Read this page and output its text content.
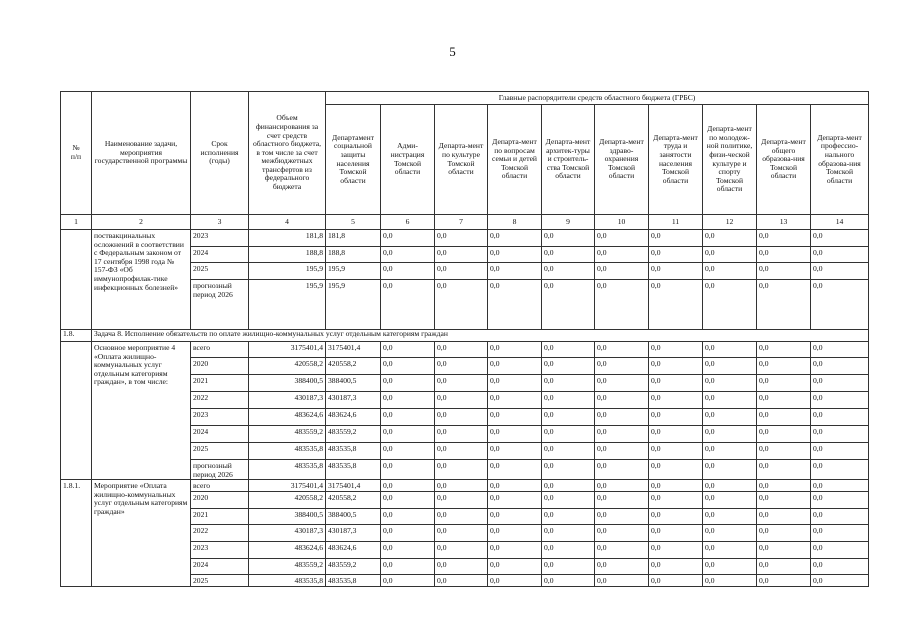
5
№
п/п	Наименование задачи, мероприятия государственной программы	Срок исполнения (годы)	Объем финансирования за счет средств областного бюджета, в том числе за счет межбюджетных трансфертов из федерального бюджета	Главные распорядители средств областного бюджета (ГРБС)									
				Департамент социальной защиты населения Томской области	Адми-нистрация Томской области	Департа-мент по культуре Томской области	Департа-мент по вопросам семьи и детей Томской области	Департа-мент архитек-туры и строитель-ства Томской области	Департа-мент здраво-охранения Томской области	Департа-мент труда и занятости населения Томской области	Департа-мент по молодеж-ной политике, физи-ческой культуре и спорту Томской области	Департа-мент общего образова-ния Томской области	Департа-мент профессио-нального образова-ния Томской области
1	2	3	4	5	6	7	8	9	10	11	12	13	14
	поствакцинальных осложнений в соответствии с Федеральным законом от 17 сентября 1998 года № 157-ФЗ «Об иммунопрофилак-тике инфекционных болезней»	2023	181,8	181,8	0,0	0,0	0,0	0,0	0,0	0,0	0,0	0,0	0,0
		2024	188,8	188,8	0,0	0,0	0,0	0,0	0,0	0,0	0,0	0,0	0,0
		2025	195,9	195,9	0,0	0,0	0,0	0,0	0,0	0,0	0,0	0,0	0,0
		прогнозный период 2026	195,9	195,9	0,0	0,0	0,0	0,0	0,0	0,0	0,0	0,0	0,0
1.8.	Задача 8. Исполнение обязательств по оплате жилищно-коммунальных услуг отдельным категориям граждан												
	Основное мероприятие 4 «Оплата жилищно-коммунальных услуг отдельным категориям граждан», в том числе:	всего	3175401,4	3175401,4	0,0	0,0	0,0	0,0	0,0	0,0	0,0	0,0	0,0
		2020	420558,2	420558,2	0,0	0,0	0,0	0,0	0,0	0,0	0,0	0,0	0,0
		2021	388400,5	388400,5	0,0	0,0	0,0	0,0	0,0	0,0	0,0	0,0	0,0
		2022	430187,3	430187,3	0,0	0,0	0,0	0,0	0,0	0,0	0,0	0,0	0,0
		2023	483624,6	483624,6	0,0	0,0	0,0	0,0	0,0	0,0	0,0	0,0	0,0
		2024	483559,2	483559,2	0,0	0,0	0,0	0,0	0,0	0,0	0,0	0,0	0,0
		2025	483535,8	483535,8	0,0	0,0	0,0	0,0	0,0	0,0	0,0	0,0	0,0
		прогнозный период 2026	483535,8	483535,8	0,0	0,0	0,0	0,0	0,0	0,0	0,0	0,0	0,0
1.8.1.	Мероприятие «Оплата жилищно-коммунальных услуг отдельным категориям граждан»	всего	3175401,4	3175401,4	0,0	0,0	0,0	0,0	0,0	0,0	0,0	0,0	0,0
		2020	420558,2	420558,2	0,0	0,0	0,0	0,0	0,0	0,0	0,0	0,0	0,0
		2021	388400,5	388400,5	0,0	0,0	0,0	0,0	0,0	0,0	0,0	0,0	0,0
		2022	430187,3	430187,3	0,0	0,0	0,0	0,0	0,0	0,0	0,0	0,0	0,0
		2023	483624,6	483624,6	0,0	0,0	0,0	0,0	0,0	0,0	0,0	0,0	0,0
		2024	483559,2	483559,2	0,0	0,0	0,0	0,0	0,0	0,0	0,0	0,0	0,0
		2025	483535,8	483535,8	0,0	0,0	0,0	0,0	0,0	0,0	0,0	0,0	0,0
